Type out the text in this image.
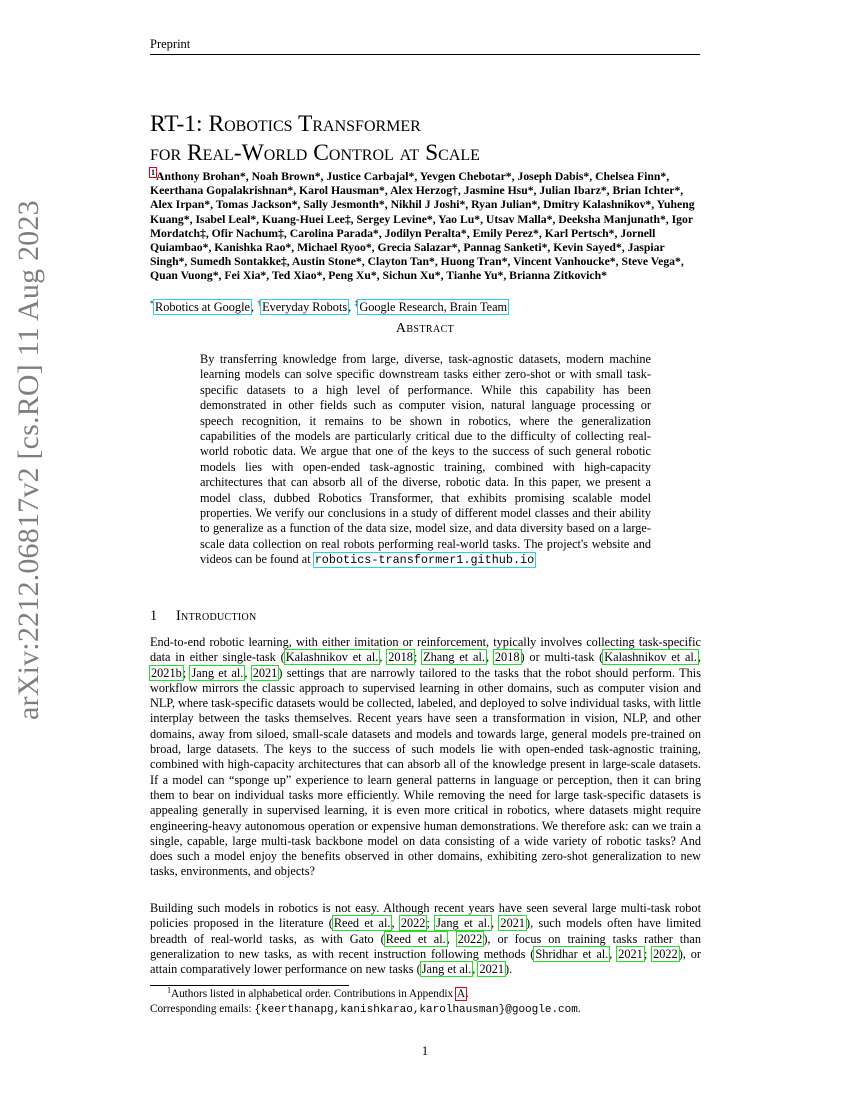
Preprint
arXiv:2212.06817v2 [cs.RO] 11 Aug 2023
RT-1: Robotics Transformer
for Real-World Control at Scale
$^1$Anthony Brohan*, Noah Brown*, Justice Carbajal*, Yevgen Chebotar*, Joseph Dabis*, Chelsea Finn*, Keerthana Gopalakrishnan*, Karol Hausman*, Alex Herzog†, Jasmine Hsu*, Julian Ibarz*, Brian Ichter*, Alex Irpan*, Tomas Jackson*, Sally Jesmonth*, Nikhil J Joshi*, Ryan Julian*, Dmitry Kalashnikov*, Yuheng Kuang*, Isabel Leal*, Kuang-Huei Lee‡, Sergey Levine*, Yao Lu*, Utsav Malla*, Deeksha Manjunath*, Igor Mordatch‡, Ofir Nachum‡, Carolina Parada*, Jodilyn Peralta*, Emily Perez*, Karl Pertsch*, Jornell Quiambao*, Kanishka Rao*, Michael Ryoo*, Grecia Salazar*, Pannag Sanketi*, Kevin Sayed*, Jaspiar Singh*, Sumedh Sontakke‡, Austin Stone*, Clayton Tan*, Huong Tran*, Vincent Vanhoucke*, Steve Vega*, Quan Vuong*, Fei Xia*, Ted Xiao*, Peng Xu*, Sichun Xu*, Tianhe Yu*, Brianna Zitkovich*
*Robotics at Google, †Everyday Robots, ‡Google Research, Brain Team
Abstract

By transferring knowledge from large, diverse, task-agnostic datasets, modern machine learning models can solve specific downstream tasks either zero-shot or with small task-specific datasets to a high level of performance. While this capability has been demonstrated in other fields such as computer vision, natural language processing or speech recognition, it remains to be shown in robotics, where the generalization capabilities of the models are particularly critical due to the difficulty of collecting real-world robotic data. We argue that one of the keys to the success of such general robotic models lies with open-ended task-agnostic training, combined with high-capacity architectures that can absorb all of the diverse, robotic data. In this paper, we present a model class, dubbed Robotics Transformer, that exhibits promising scalable model properties. We verify our conclusions in a study of different model classes and their ability to generalize as a function of the data size, model size, and data diversity based on a large-scale data collection on real robots performing real-world tasks. The project's website and videos can be found at robotics-transformer1.github.io

1 Introduction

End-to-end robotic learning, with either imitation or reinforcement, typically involves collecting task-specific data in either single-task (Kalashnikov et al., 2018; Zhang et al., 2018) or multi-task (Kalashnikov et al., 2021b; Jang et al., 2021) settings that are narrowly tailored to the tasks that the robot should perform. This workflow mirrors the classic approach to supervised learning in other domains, such as computer vision and NLP, where task-specific datasets would be collected, labeled, and deployed to solve individual tasks, with little interplay between the tasks themselves. Recent years have seen a transformation in vision, NLP, and other domains, away from siloed, small-scale datasets and models and towards large, general models pre-trained on broad, large datasets. The keys to the success of such models lie with open-ended task-agnostic training, combined with high-capacity architectures that can absorb all of the knowledge present in large-scale datasets. If a model can “sponge up” experience to learn general patterns in language or perception, then it can bring them to bear on individual tasks more efficiently. While removing the need for large task-specific datasets is appealing generally in supervised learning, it is even more critical in robotics, where datasets might require engineering-heavy autonomous operation or expensive human demonstrations. We therefore ask: can we train a single, capable, large multi-task backbone model on data consisting of a wide variety of robotic tasks? And does such a model enjoy the benefits observed in other domains, exhibiting zero-shot generalization to new tasks, environments, and objects?

Building such models in robotics is not easy. Although recent years have seen several large multi-task robot policies proposed in the literature (Reed et al., 2022; Jang et al., 2021), such models often have limited breadth of real-world tasks, as with Gato (Reed et al., 2022), or focus on training tasks rather than generalization to new tasks, as with recent instruction following methods (Shridhar et al., 2021; 2022), or attain comparatively lower performance on new tasks (Jang et al., 2021).

$^1$Authors listed in alphabetical order. Contributions in Appendix A.
Corresponding emails: {keerthanapg,kanishkarao,karolhausman}@google.com.
1
